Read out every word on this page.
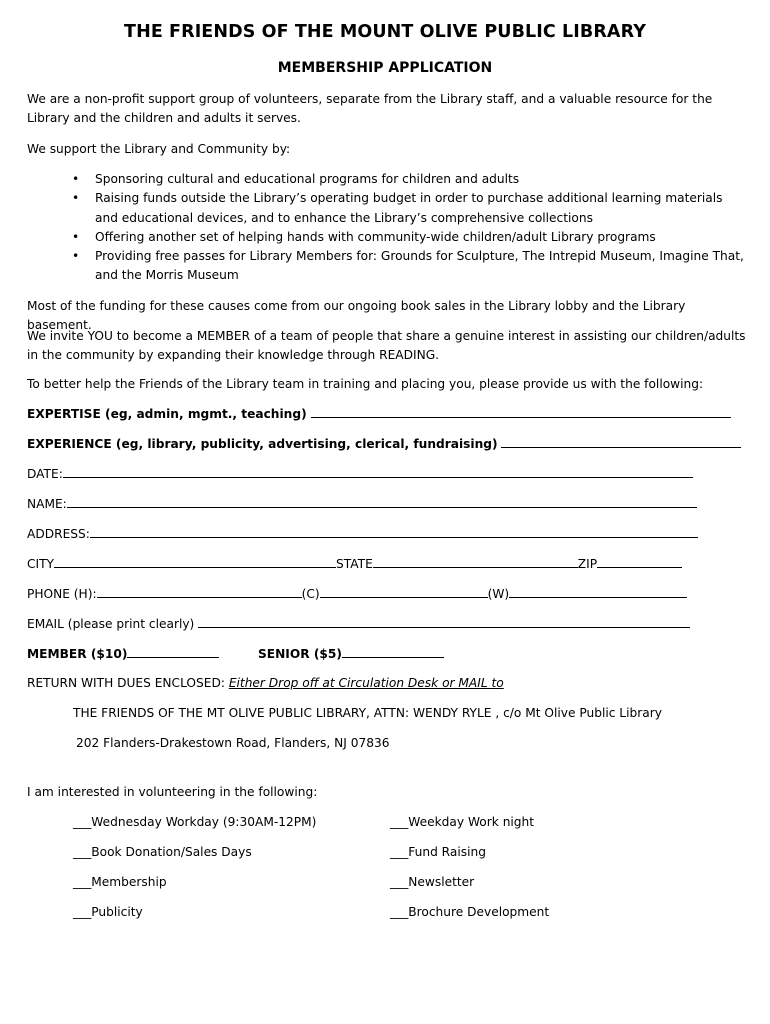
THE FRIENDS OF THE MOUNT OLIVE PUBLIC LIBRARY
MEMBERSHIP APPLICATION
We are a non-profit support group of volunteers, separate from the Library staff, and a valuable resource for the Library and the children and adults it serves.
We support the Library and Community by:
• Sponsoring cultural and educational programs for children and adults
• Raising funds outside the Library’s operating budget in order to purchase additional learning materials and educational devices, and to enhance the Library’s comprehensive collections
• Offering another set of helping hands with community-wide children/adult Library programs
• Providing free passes for Library Members for: Grounds for Sculpture, The Intrepid Museum, Imagine That, and the Morris Museum
Most of the funding for these causes come from our ongoing book sales in the Library lobby and the Library basement.
We invite YOU to become a MEMBER of a team of people that share a genuine interest in assisting our children/adults in the community by expanding their knowledge through READING.
To better help the Friends of the Library team in training and placing you, please provide us with the following:
EXPERTISE (eg, admin, mgmt., teaching)
EXPERIENCE (eg, library, publicity, advertising, clerical, fundraising)
DATE:
NAME:
ADDRESS:
CITY	STATE	ZIP
PHONE (H):	(C)	(W)
EMAIL (please print clearly)
MEMBER ($10)	SENIOR ($5)
RETURN WITH DUES ENCLOSED: Either Drop off at Circulation Desk or MAIL to
THE FRIENDS OF THE MT OLIVE PUBLIC LIBRARY, ATTN: WENDY RYLE , c/o Mt Olive Public Library
202 Flanders-Drakestown Road, Flanders, NJ 07836
I am interested in volunteering in the following:
___Wednesday Workday (9:30AM-12PM)	___Weekday Work night
___Book Donation/Sales Days	___Fund Raising
___Membership	___Newsletter
___Publicity	___Brochure Development
